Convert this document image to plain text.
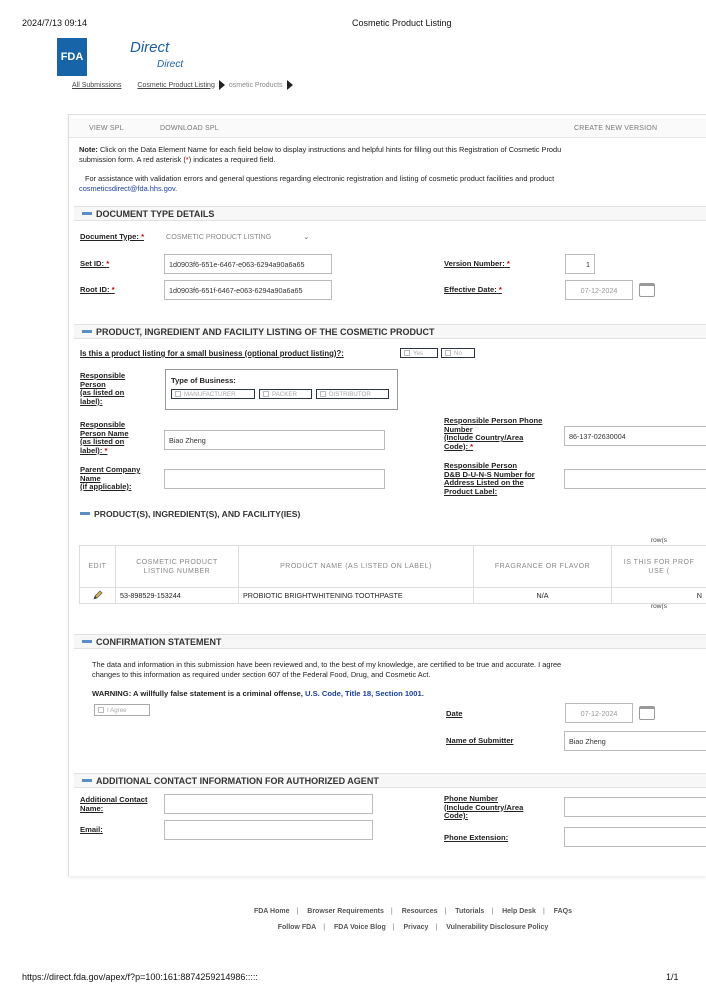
2024/7/13 09:14	Cosmetic Product Listing
FDA
Direct
Direct
All Submissions Cosmetic Product Listing osmetic Products
VIEW SPL	DOWNLOAD SPL	CREATE NEW VERSION
Note: Click on the Data Element Name for each field below to display instructions and helpful hints for filling out this Registration of Cosmetic Produ
submission form. A red asterisk (*) indicates a required field.
For assistance with validation errors and general questions regarding electronic registration and listing of cosmetic product facilities and product
cosmeticsdirect@fda.hhs.gov.
DOCUMENT TYPE DETAILS
Document Type: *	COSMETIC PRODUCT LISTING	⌄
Set ID: *	1d0903f6-651e-6467-e063-6294a90a6a65	Version Number: *	1
Root ID: *	1d0903f6-651f-6467-e063-6294a90a6a65	Effective Date: *	07-12-2024
PRODUCT, INGREDIENT AND FACILITY LISTING OF THE COSMETIC PRODUCT
Is this a product listing for a small business (optional product listing)?:	Yes	No
Responsible
Person
(as listed on
label):
Type of Business:
MANUFACTURER	PACKER	DISTRIBUTOR
Responsible
Person Name
(as listed on
label): *
Biao Zheng
Responsible Person Phone
Number
(Include Country/Area
Code): *
86-137-02630004
Parent Company
Name
(if applicable):
Responsible Person
D&B D-U-N-S Number for
Address Listed on the
Product Label:
PRODUCT(S), INGREDIENT(S), AND FACILITY(IES)
row(s
EDIT	COSMETIC PRODUCT LISTING NUMBER	PRODUCT NAME (AS LISTED ON LABEL)	FRAGRANCE OR FLAVOR	IS THIS FOR PROF USE (
	53-898529-153244	PROBIOTIC BRIGHTWHITENING TOOTHPASTE	N/A	N
row(s
CONFIRMATION STATEMENT
The data and information in this submission have been reviewed and, to the best of my knowledge, are certified to be true and accurate. I agree
changes to this information as required under section 607 of the Federal Food, Drug, and Cosmetic Act.
WARNING: A willfully false statement is a criminal offense, U.S. Code, Title 18, Section 1001.
I Agree	Date	07-12-2024
Name of Submitter	Biao Zheng
ADDITIONAL CONTACT INFORMATION FOR AUTHORIZED AGENT
Additional Contact
Name:
Email:
Phone Number
(Include Country/Area
Code):
Phone Extension:
FDA Home | Browser Requirements | Resources | Tutorials | Help Desk | FAQs
Follow FDA | FDA Voice Blog | Privacy | Vulnerability Disclosure Policy
https://direct.fda.gov/apex/f?p=100:161:8874259214986:::::	1/1
